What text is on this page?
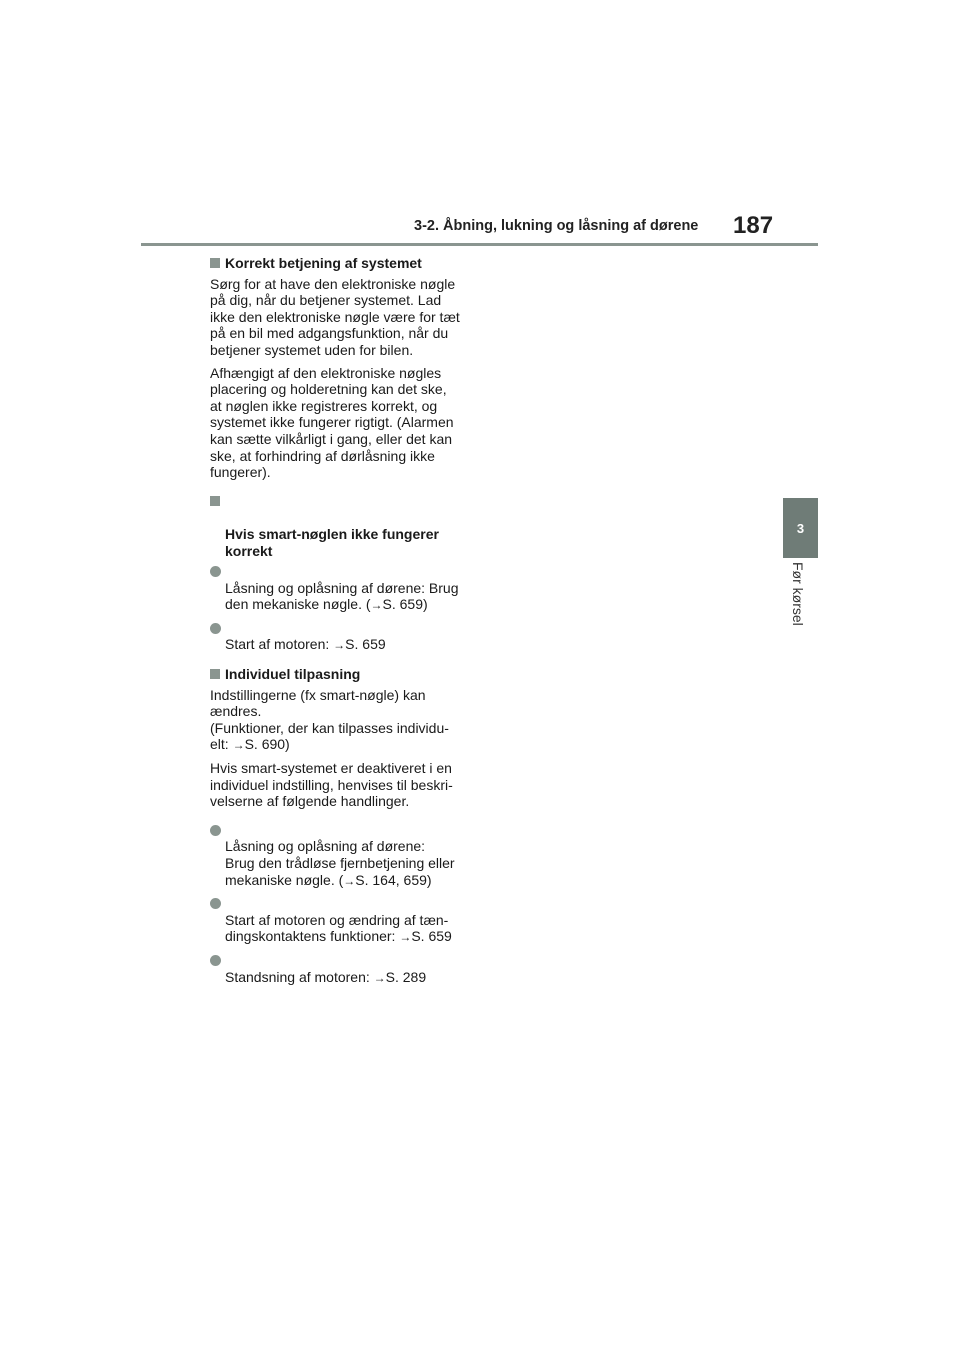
3-2. Åbning, lukning og låsning af dørene 187
3
Før kørsel
Korrekt betjening af systemet
Sørg for at have den elektroniske nøgle
på dig, når du betjener systemet. Lad
ikke den elektroniske nøgle være for tæt
på en bil med adgangsfunktion, når du
betjener systemet uden for bilen.
Afhængigt af den elektroniske nøgles
placering og holderetning kan det ske,
at nøglen ikke registreres korrekt, og
systemet ikke fungerer rigtigt. (Alarmen
kan sætte vilkårligt i gang, eller det kan
ske, at forhindring af dørlåsning ikke
fungerer).

Hvis smart-nøglen ikke fungerer
korrekt

Låsning og oplåsning af dørene: Brug
den mekaniske nøgle. (→S. 659)

Start af motoren: →S. 659

Individuel tilpasning
Indstillingerne (fx smart-nøgle) kan
ændres.
(Funktioner, der kan tilpasses individu-
elt: →S. 690)
Hvis smart-systemet er deaktiveret i en
individuel indstilling, henvises til beskri-
velserne af følgende handlinger.

Låsning og oplåsning af dørene:
Brug den trådløse fjernbetjening eller
mekaniske nøgle. (→S. 164, 659)

Start af motoren og ændring af tæn-
dingskontaktens funktioner: →S. 659

Standsning af motoren: →S. 289
